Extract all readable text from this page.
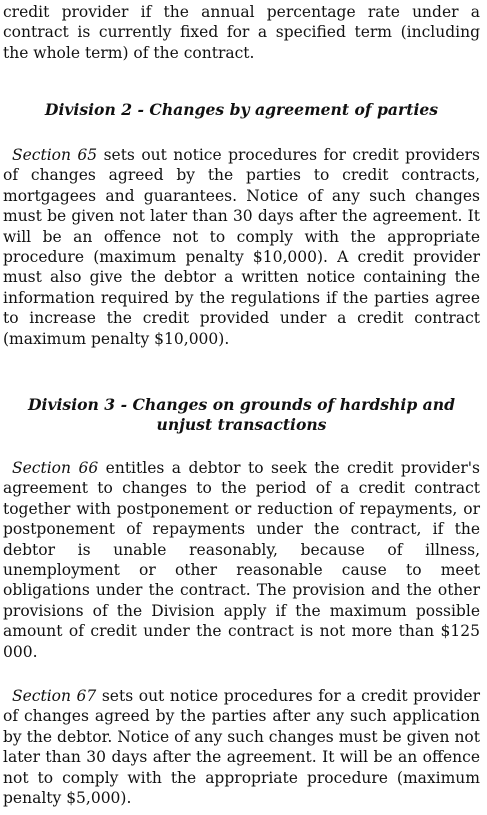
credit provider if the annual percentage rate under a contract is currently fixed for a specified term (including the whole term) of the contract.

Division 2 - Changes by agreement of parties

Section 65 sets out notice procedures for credit providers of changes agreed by the parties to credit contracts, mortgagees and guarantees. Notice of any such changes must be given not later than 30 days after the agreement. It will be an offence not to comply with the appropriate procedure (maximum penalty $10,000). A credit provider must also give the debtor a written notice containing the information required by the regulations if the parties agree to increase the credit provided under a credit contract (maximum penalty $10,000).

Division 3 - Changes on grounds of hardship and
unjust transactions

Section 66 entitles a debtor to seek the credit provider's agreement to changes to the period of a credit contract together with postponement or reduction of repayments, or postponement of repayments under the contract, if the debtor is unable reasonably, because of illness, unemployment or other reasonable cause to meet obligations under the contract. The provision and the other provisions of the Division apply if the maximum possible amount of credit under the contract is not more than $125 000.

Section 67 sets out notice procedures for a credit provider of changes agreed by the parties after any such application by the debtor. Notice of any such changes must be given not later than 30 days after the agreement. It will be an offence not to comply with the appropriate procedure (maximum penalty $5,000).
